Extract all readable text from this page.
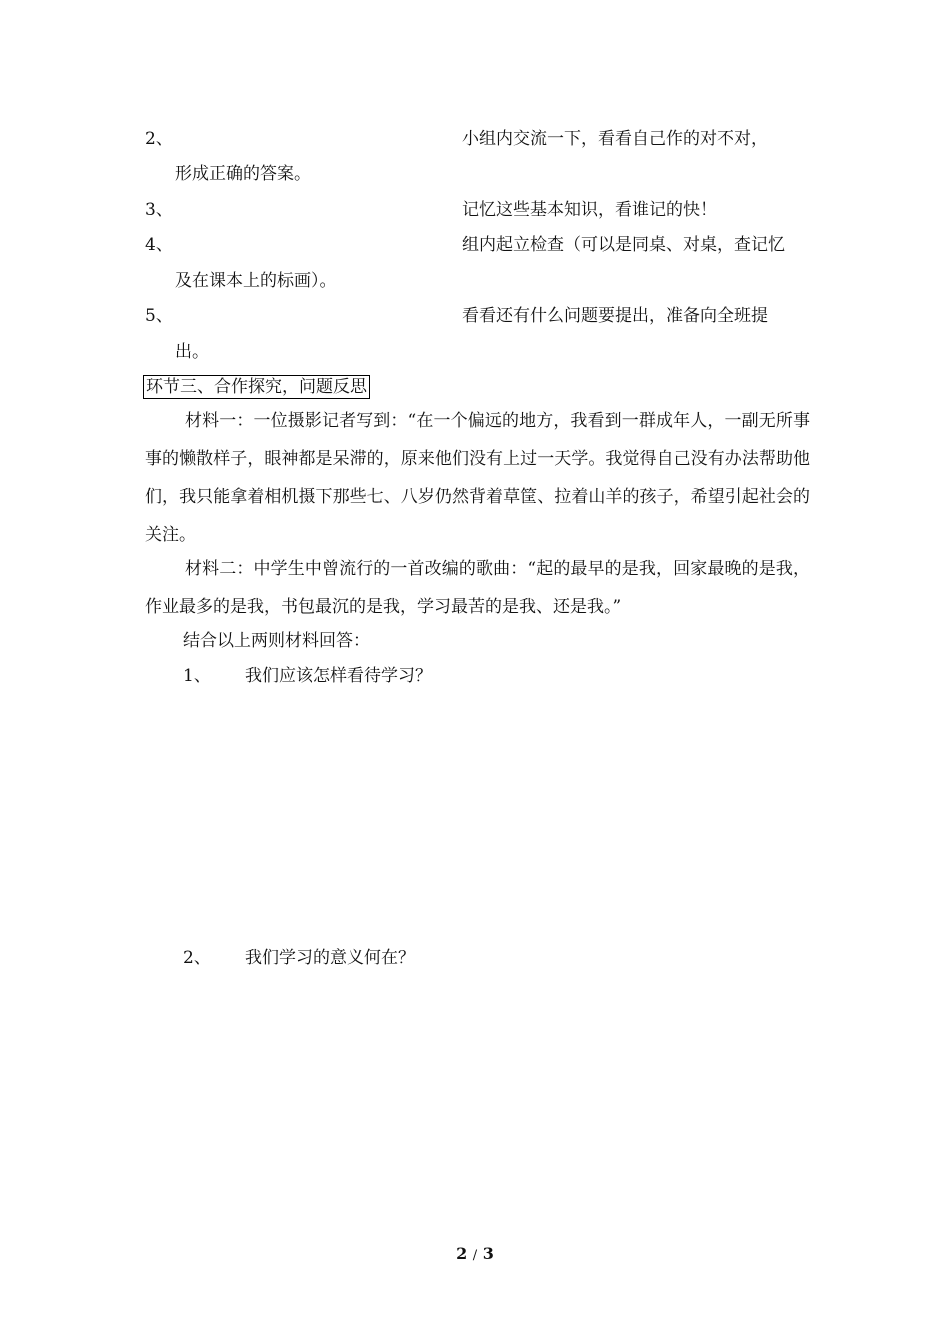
2、	小组内交流一下，看看自己作的对不对，
形成正确的答案。
3、	记忆这些基本知识，看谁记的快！
4、	组内起立检查（可以是同桌、对桌，查记忆
及在课本上的标画）。
5、	看看还有什么问题要提出，准备向全班提
出。
环节三、合作探究，问题反思

材料一：一位摄影记者写到：“在一个偏远的地方，我看到一群成年人，一副无所事事的懒散样子，眼神都是呆滞的，原来他们没有上过一天学。我觉得自己没有办法帮助他们，我只能拿着相机摄下那些七、八岁仍然背着草筐、拉着山羊的孩子，希望引起社会的关注。

材料二：中学生中曾流行的一首改编的歌曲：“起的最早的是我，回家最晚的是我，作业最多的是我，书包最沉的是我，学习最苦的是我、还是我。”

结合以上两则材料回答：
1、 我们应该怎样看待学习？
2、 我们学习的意义何在？
2 / 3
